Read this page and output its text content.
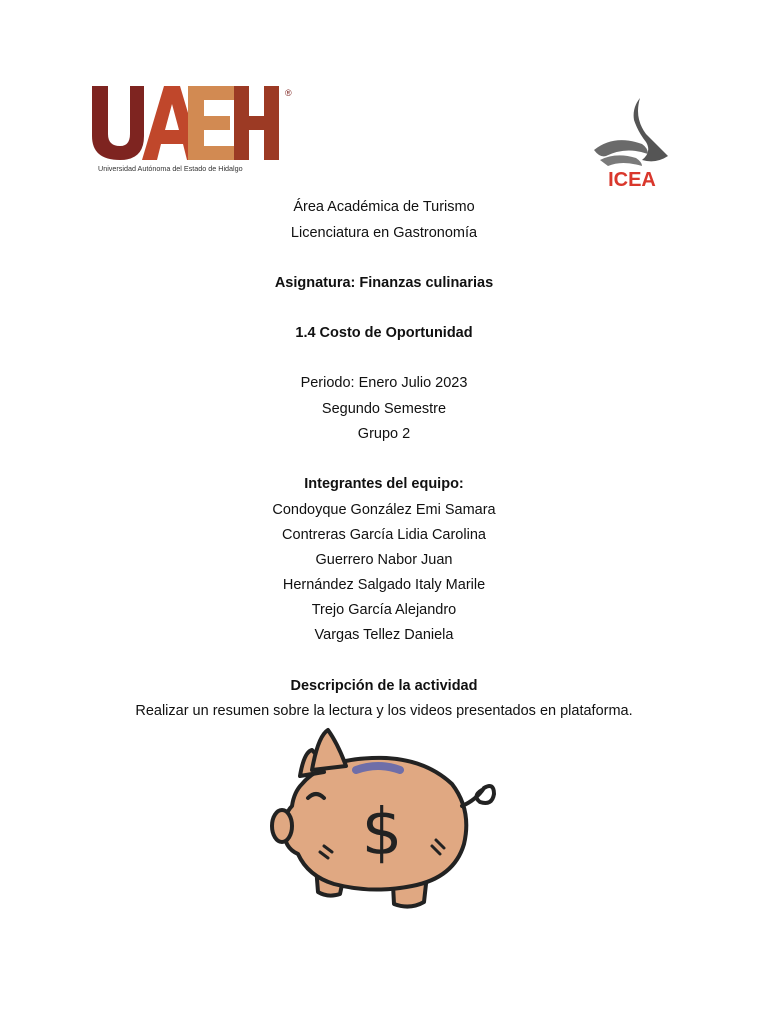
®
Universidad Autónoma del Estado de Hidalgo
ICEA
Área Académica de Turismo
Licenciatura en Gastronomía
Asignatura: Finanzas culinarias
1.4 Costo de Oportunidad
Periodo: Enero Julio 2023
Segundo Semestre
Grupo 2
Integrantes del equipo:
Condoyque González Emi Samara
Contreras García Lidia Carolina
Guerrero Nabor Juan
Hernández Salgado Italy Marile
Trejo García Alejandro
Vargas Tellez Daniela
Descripción de la actividad
Realizar un resumen sobre la lectura y los videos presentados en plataforma.
$
